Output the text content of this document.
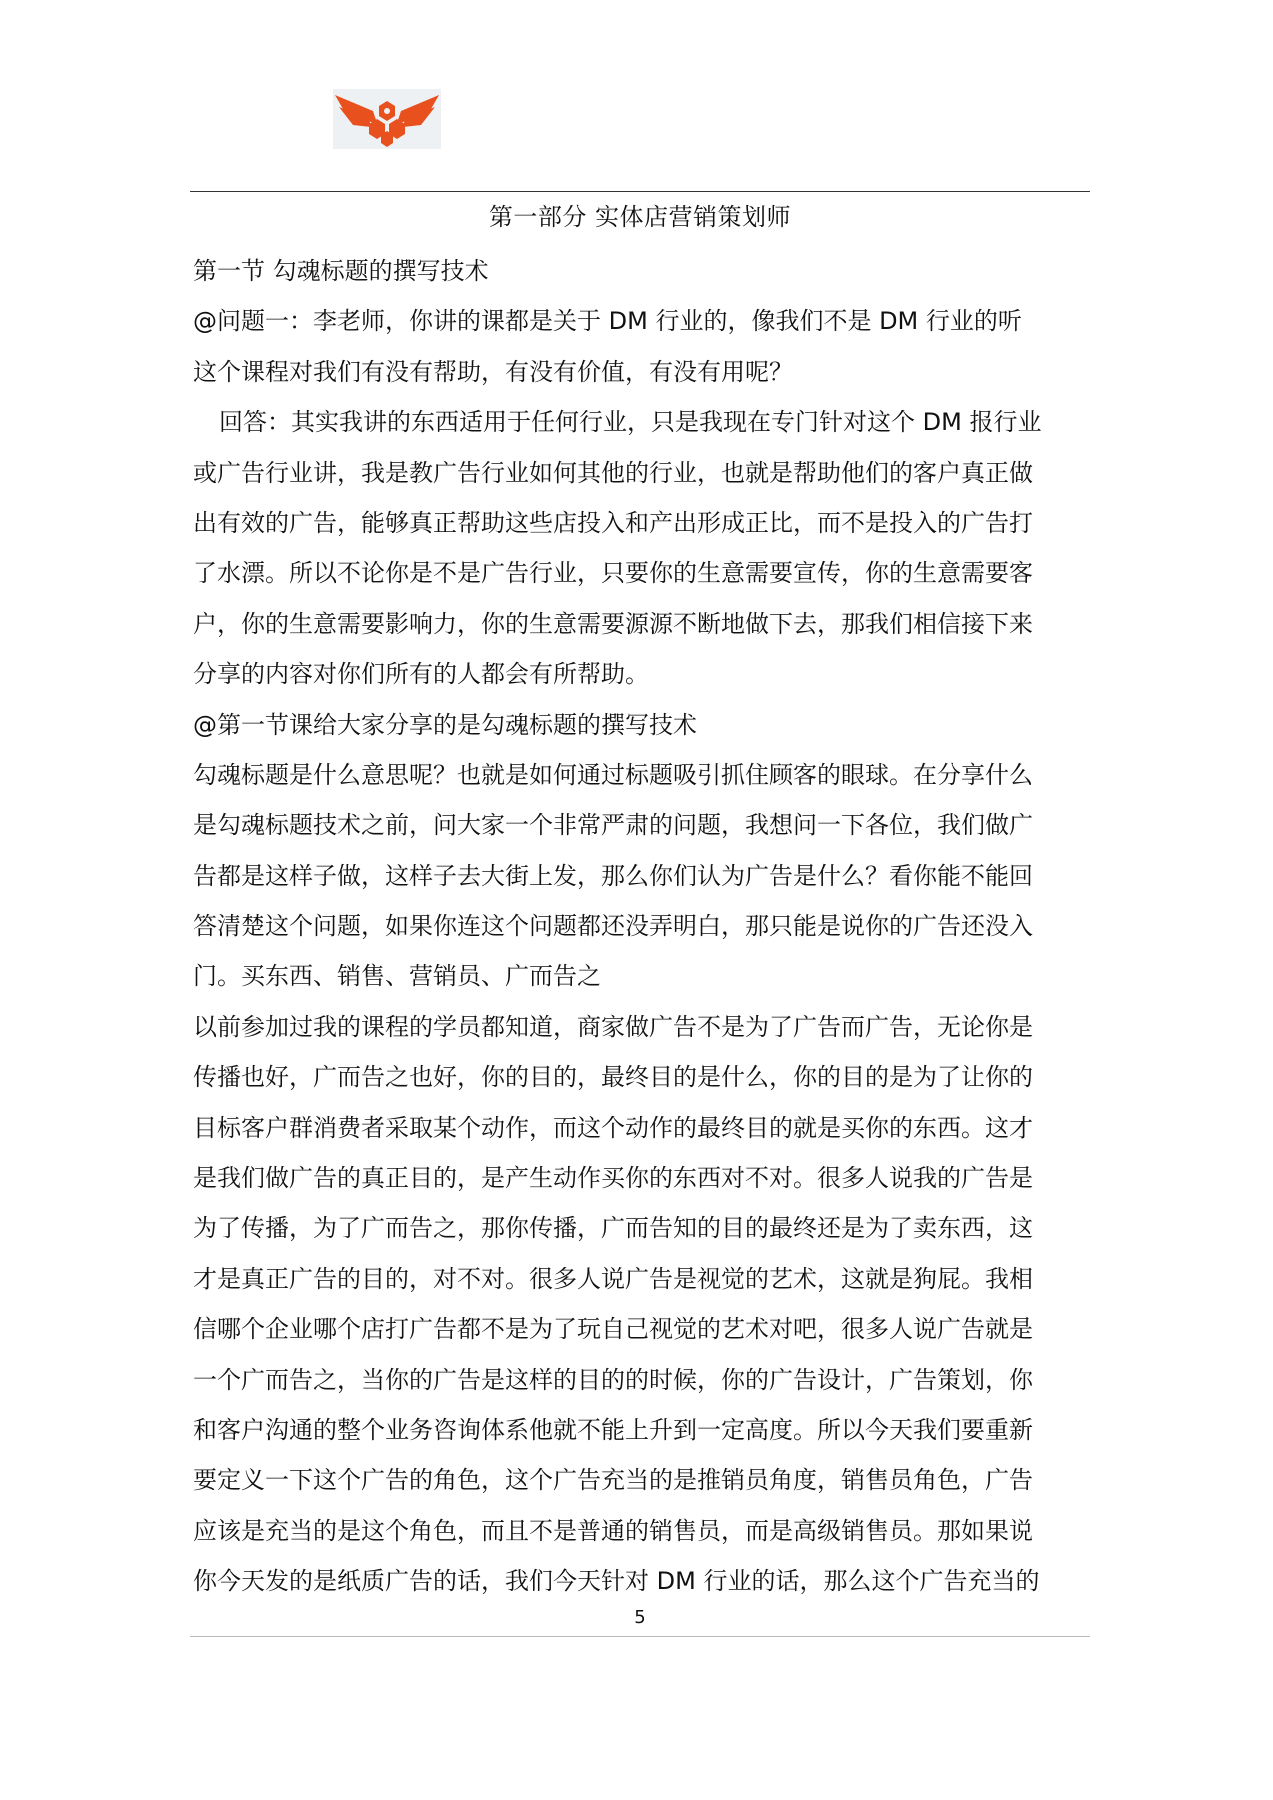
第一部分 实体店营销策划师
第一节 勾魂标题的撰写技术
@问题一：李老师，你讲的课都是关于 DM 行业的，像我们不是 DM 行业的听
这个课程对我们有没有帮助，有没有价值，有没有用呢？
回答：其实我讲的东西适用于任何行业，只是我现在专门针对这个 DM 报行业
或广告行业讲，我是教广告行业如何其他的行业，也就是帮助他们的客户真正做
出有效的广告，能够真正帮助这些店投入和产出形成正比，而不是投入的广告打
了水漂。所以不论你是不是广告行业，只要你的生意需要宣传，你的生意需要客
户，你的生意需要影响力，你的生意需要源源不断地做下去，那我们相信接下来
分享的内容对你们所有的人都会有所帮助。
@第一节课给大家分享的是勾魂标题的撰写技术
勾魂标题是什么意思呢？也就是如何通过标题吸引抓住顾客的眼球。在分享什么
是勾魂标题技术之前，问大家一个非常严肃的问题，我想问一下各位，我们做广
告都是这样子做，这样子去大街上发，那么你们认为广告是什么？看你能不能回
答清楚这个问题，如果你连这个问题都还没弄明白，那只能是说你的广告还没入
门。买东西、销售、营销员、广而告之
以前参加过我的课程的学员都知道，商家做广告不是为了广告而广告，无论你是
传播也好，广而告之也好，你的目的，最终目的是什么，你的目的是为了让你的
目标客户群消费者采取某个动作，而这个动作的最终目的就是买你的东西。这才
是我们做广告的真正目的，是产生动作买你的东西对不对。很多人说我的广告是
为了传播，为了广而告之，那你传播，广而告知的目的最终还是为了卖东西，这
才是真正广告的目的，对不对。很多人说广告是视觉的艺术，这就是狗屁。我相
信哪个企业哪个店打广告都不是为了玩自己视觉的艺术对吧，很多人说广告就是
一个广而告之，当你的广告是这样的目的的时候，你的广告设计，广告策划，你
和客户沟通的整个业务咨询体系他就不能上升到一定高度。所以今天我们要重新
要定义一下这个广告的角色，这个广告充当的是推销员角度，销售员角色，广告
应该是充当的是这个角色，而且不是普通的销售员，而是高级销售员。那如果说
你今天发的是纸质广告的话，我们今天针对 DM 行业的话，那么这个广告充当的
5
